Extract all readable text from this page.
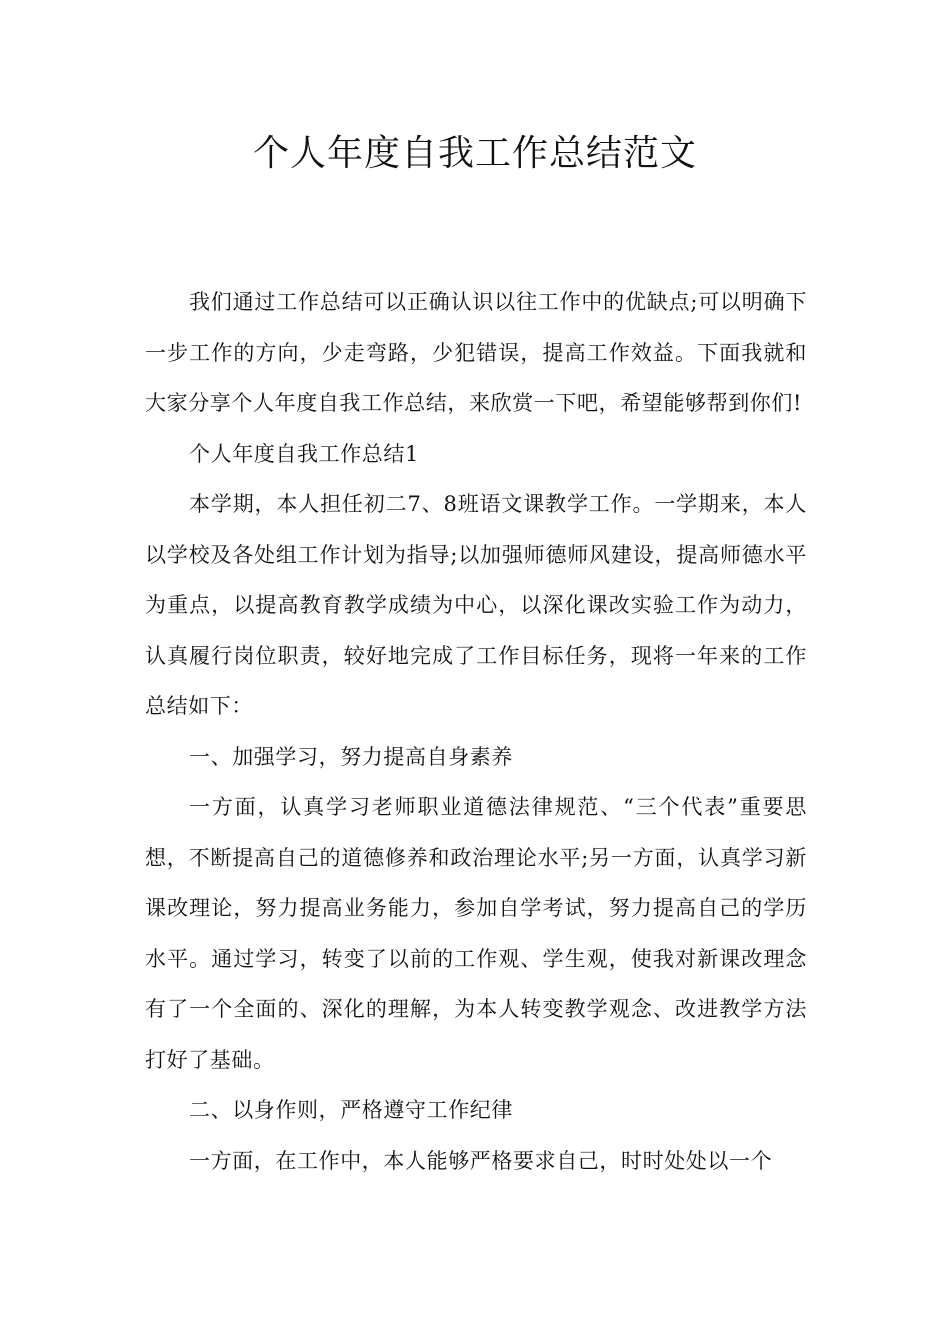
个人年度自我工作总结范文

我们通过工作总结可以正确认识以往工作中的优缺点;可以明确下一步工作的方向，少走弯路，少犯错误，提高工作效益。下面我就和大家分享个人年度自我工作总结，来欣赏一下吧，希望能够帮到你们!

个人年度自我工作总结1

本学期，本人担任初二7、8班语文课教学工作。一学期来，本人以学校及各处组工作计划为指导;以加强师德师风建设，提高师德水平为重点，以提高教育教学成绩为中心，以深化课改实验工作为动力，认真履行岗位职责，较好地完成了工作目标任务，现将一年来的工作总结如下：

一、加强学习，努力提高自身素养

一方面，认真学习老师职业道德法律规范、“三个代表”重要思想，不断提高自己的道德修养和政治理论水平;另一方面，认真学习新课改理论，努力提高业务能力，参加自学考试，努力提高自己的学历水平。通过学习，转变了以前的工作观、学生观，使我对新课改理念有了一个全面的、深化的理解，为本人转变教学观念、改进教学方法打好了基础。

二、以身作则，严格遵守工作纪律

一方面，在工作中，本人能够严格要求自己，时时处处以一个
